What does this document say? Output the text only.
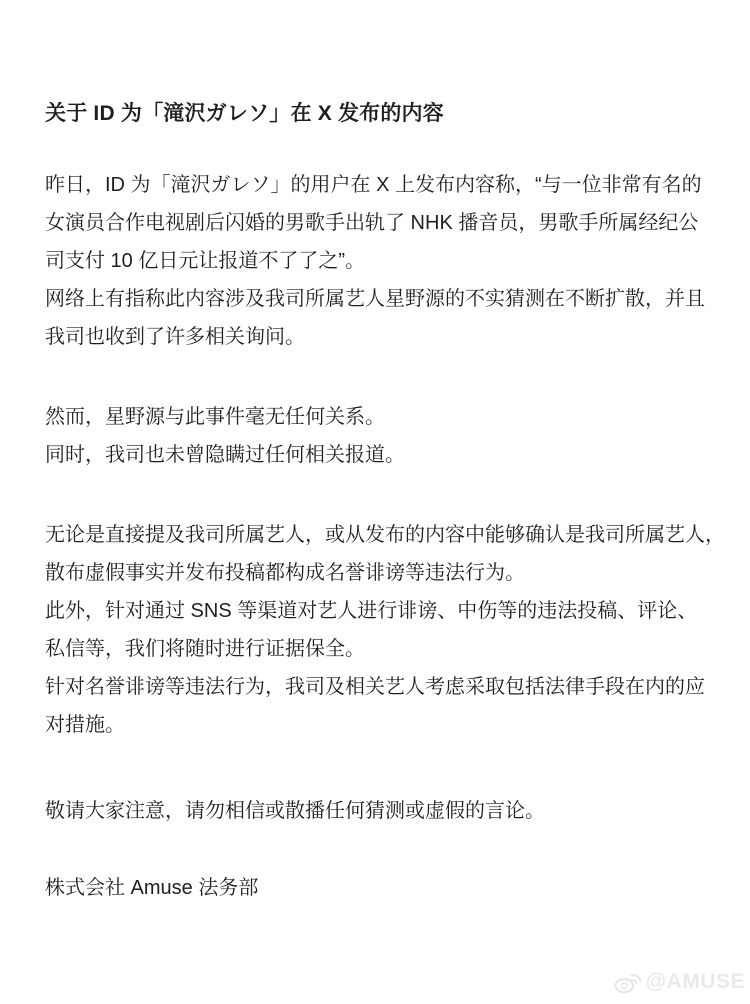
关于 ID 为「滝沢ガレソ」在 X 发布的内容
昨日，ID 为「滝沢ガレソ」的用户在 X 上发布内容称，“与一位非常有名的
女演员合作电视剧后闪婚的男歌手出轨了 NHK 播音员，男歌手所属经纪公
司支付 10 亿日元让报道不了了之”。
网络上有指称此内容涉及我司所属艺人星野源的不实猜测在不断扩散，并且
我司也收到了许多相关询问。
然而，星野源与此事件毫无任何关系。
同时，我司也未曾隐瞒过任何相关报道。
无论是直接提及我司所属艺人，或从发布的内容中能够确认是我司所属艺人，
散布虚假事实并发布投稿都构成名誉诽谤等违法行为。
此外，针对通过 SNS 等渠道对艺人进行诽谤、中伤等的违法投稿、评论、
私信等，我们将随时进行证据保全。
针对名誉诽谤等违法行为，我司及相关艺人考虑采取包括法律手段在内的应
对措施。
敬请大家注意，请勿相信或散播任何猜测或虚假的言论。
株式会社 Amuse 法务部
@AMUSE
